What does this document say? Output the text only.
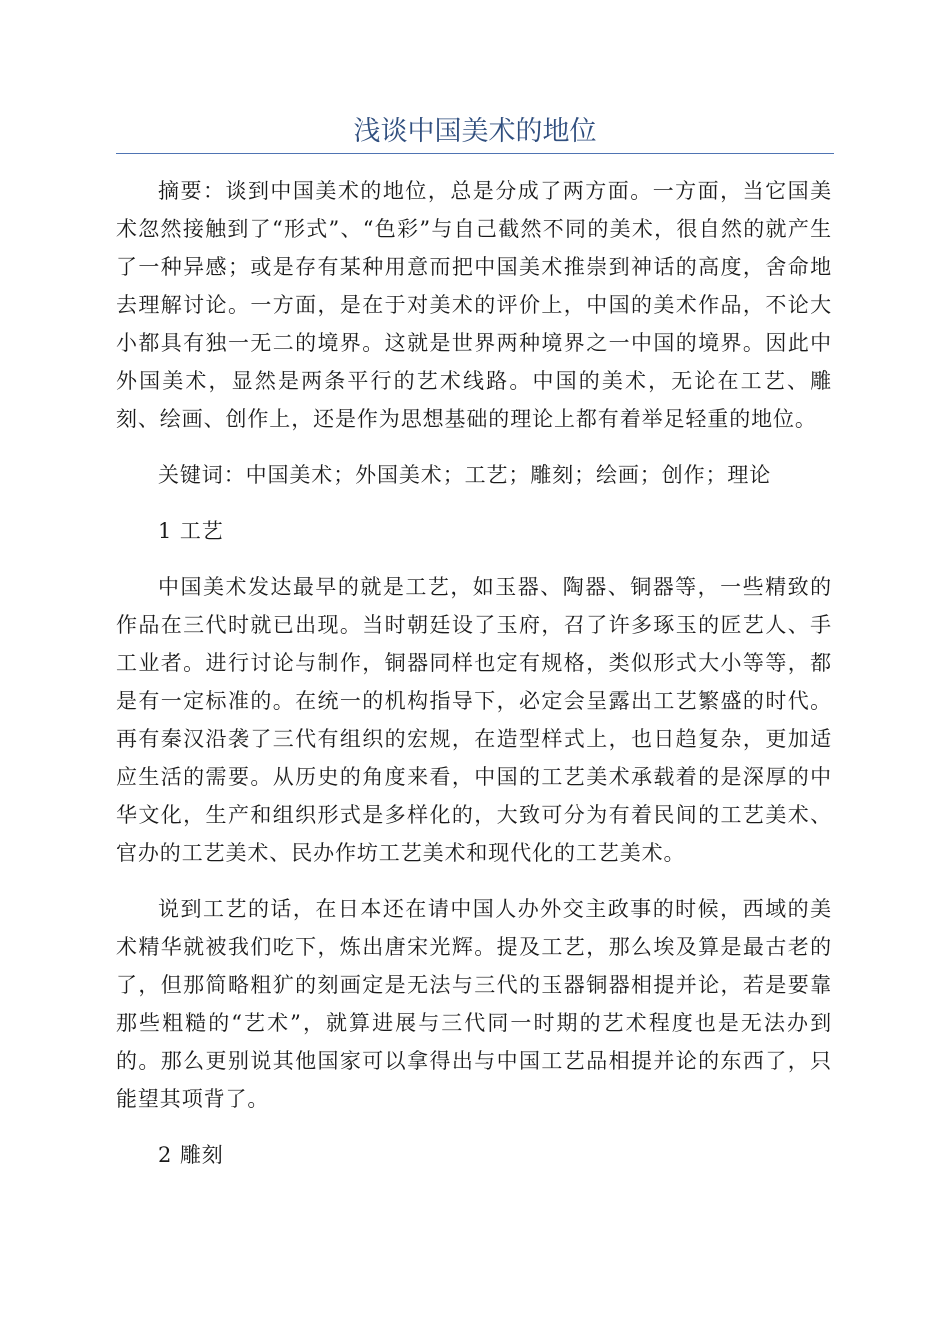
浅谈中国美术的地位

摘要：谈到中国美术的地位，总是分成了两方面。一方面，当它国美术忽然接触到了“形式”、“色彩”与自己截然不同的美术，很自然的就产生了一种异感；或是存有某种用意而把中国美术推崇到神话的高度，舍命地去理解讨论。一方面，是在于对美术的评价上，中国的美术作品，不论大小都具有独一无二的境界。这就是世界两种境界之一中国的境界。因此中外国美术，显然是两条平行的艺术线路。中国的美术，无论在工艺、雕刻、绘画、创作上，还是作为思想基础的理论上都有着举足轻重的地位。

关键词：中国美术；外国美术；工艺；雕刻；绘画；创作；理论

1 工艺

中国美术发达最早的就是工艺，如玉器、陶器、铜器等，一些精致的作品在三代时就已出现。当时朝廷设了玉府，召了许多琢玉的匠艺人、手工业者。进行讨论与制作，铜器同样也定有规格，类似形式大小等等，都是有一定标准的。在统一的机构指导下，必定会呈露出工艺繁盛的时代。再有秦汉沿袭了三代有组织的宏规，在造型样式上，也日趋复杂，更加适应生活的需要。从历史的角度来看，中国的工艺美术承载着的是深厚的中华文化，生产和组织形式是多样化的，大致可分为有着民间的工艺美术、官办的工艺美术、民办作坊工艺美术和现代化的工艺美术。

说到工艺的话，在日本还在请中国人办外交主政事的时候，西域的美术精华就被我们吃下，炼出唐宋光辉。提及工艺，那么埃及算是最古老的了，但那简略粗犷的刻画定是无法与三代的玉器铜器相提并论，若是要靠那些粗糙的“艺术”，就算进展与三代同一时期的艺术程度也是无法办到的。那么更别说其他国家可以拿得出与中国工艺品相提并论的东西了，只能望其项背了。

2 雕刻
